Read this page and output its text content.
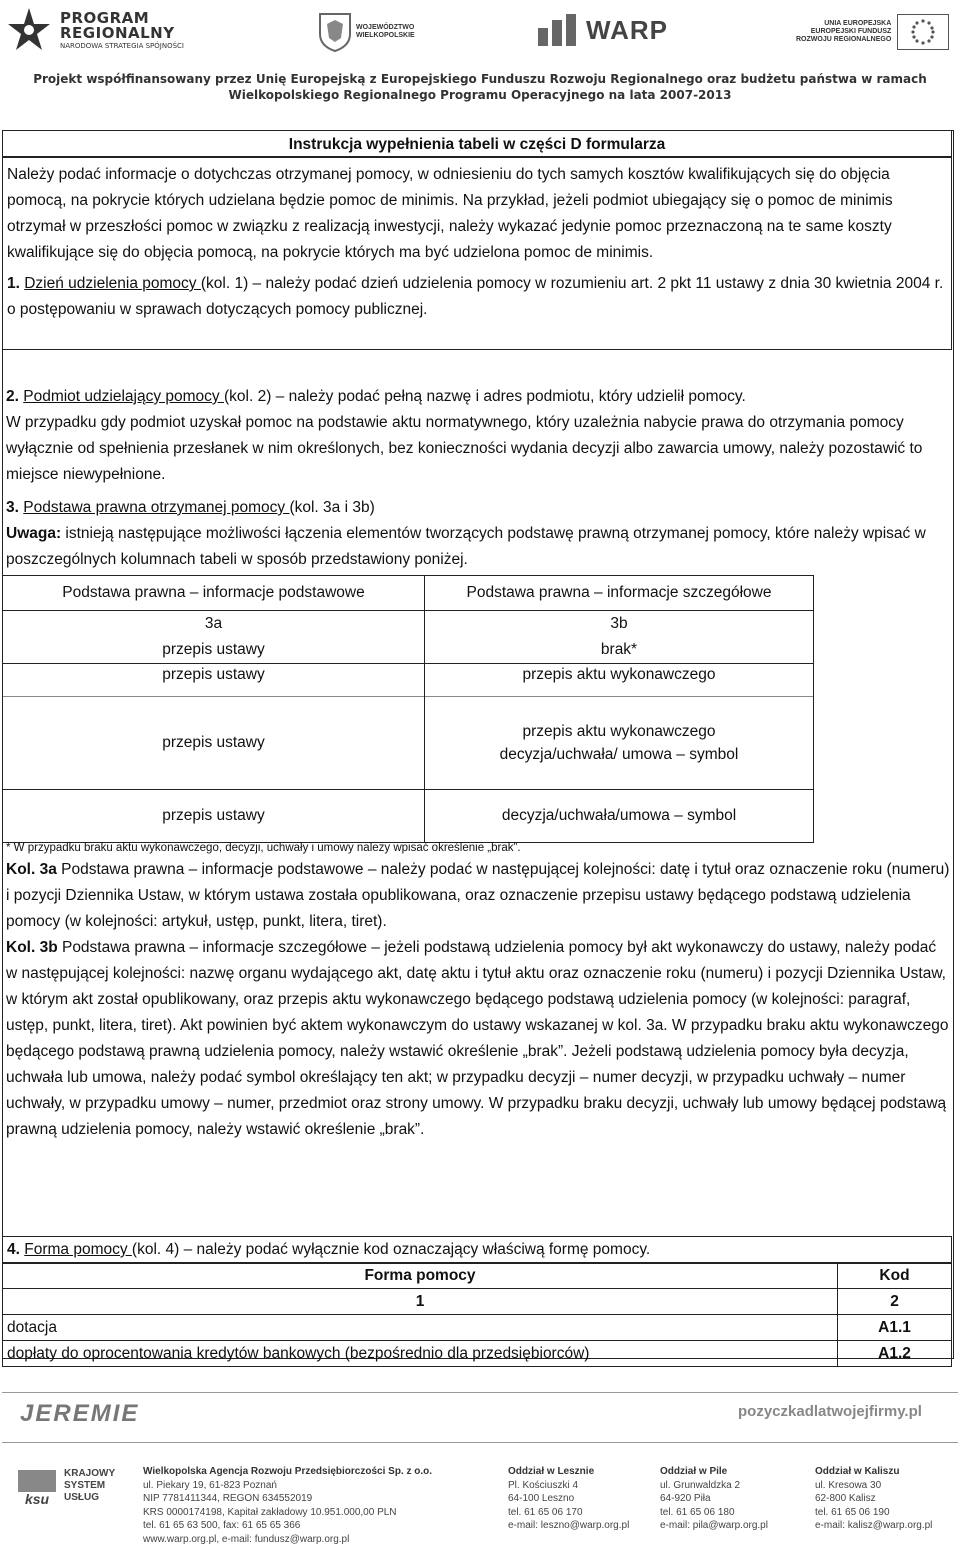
PROGRAM
REGIONALNY
NARODOWA STRATEGIA SPÓJNOŚCI
WOJEWÓDZTWO
WIELKOPOLSKIE	WARP	UNIA EUROPEJSKA
EUROPEJSKI FUNDUSZ
ROZWOJU REGIONALNEGO
Projekt współfinansowany przez Unię Europejską z Europejskiego Funduszu Rozwoju Regionalnego oraz budżetu państwa w ramach
Wielkopolskiego Regionalnego Programu Operacyjnego na lata 2007-2013
Instrukcja wypełnienia tabeli w części D formularza

Należy podać informacje o dotychczas otrzymanej pomocy, w odniesieniu do tych samych kosztów kwalifikujących się do objęcia pomocą, na pokrycie których udzielana będzie pomoc de minimis. Na przykład, jeżeli podmiot ubiegający się o pomoc de minimis otrzymał w przeszłości pomoc w związku z realizacją inwestycji, należy wykazać jedynie pomoc przeznaczoną na te same koszty kwalifikujące się do objęcia pomocą, na pokrycie których ma być udzielona pomoc de minimis.

1. Dzień udzielenia pomocy (kol. 1) – należy podać dzień udzielenia pomocy w rozumieniu art. 2 pkt 11 ustawy z dnia 30 kwietnia 2004 r. o postępowaniu w sprawach dotyczących pomocy publicznej.

2. Podmiot udzielający pomocy (kol. 2) – należy podać pełną nazwę i adres podmiotu, który udzielił pomocy.

W przypadku gdy podmiot uzyskał pomoc na podstawie aktu normatywnego, który uzależnia nabycie prawa do otrzymania pomocy wyłącznie od spełnienia przesłanek w nim określonych, bez konieczności wydania decyzji albo zawarcia umowy, należy pozostawić to miejsce niewypełnione.

3. Podstawa prawna otrzymanej pomocy (kol. 3a i 3b)

Uwaga: istnieją następujące możliwości łączenia elementów tworzących podstawę prawną otrzymanej pomocy, które należy wpisać w poszczególnych kolumnach tabeli w sposób przedstawiony poniżej.

Podstawa prawna – informacje podstawowe	Podstawa prawna – informacje szczegółowe
3a	3b
przepis ustawy	brak*
przepis ustawy	przepis aktu wykonawczego
przepis ustawy	przepis aktu wykonawczego
decyzja/uchwała/ umowa – symbol

przepis ustawy	decyzja/uchwała/umowa – symbol
* W przypadku braku aktu wykonawczego, decyzji, uchwały i umowy należy wpisać określenie „brak”.

Kol. 3a Podstawa prawna – informacje podstawowe – należy podać w następującej kolejności: datę i tytuł oraz oznaczenie roku (numeru) i pozycji Dziennika Ustaw, w którym ustawa została opublikowana, oraz oznaczenie przepisu ustawy będącego podstawą udzielenia pomocy (w kolejności: artykuł, ustęp, punkt, litera, tiret).

Kol. 3b Podstawa prawna – informacje szczegółowe – jeżeli podstawą udzielenia pomocy był akt wykonawczy do ustawy, należy podać w następującej kolejności: nazwę organu wydającego akt, datę aktu i tytuł aktu oraz oznaczenie roku (numeru) i pozycji Dziennika Ustaw, w którym akt został opublikowany, oraz przepis aktu wykonawczego będącego podstawą udzielenia pomocy (w kolejności: paragraf, ustęp, punkt, litera, tiret). Akt powinien być aktem wykonawczym do ustawy wskazanej w kol. 3a. W przypadku braku aktu wykonawczego będącego podstawą prawną udzielenia pomocy, należy wstawić określenie „brak”. Jeżeli podstawą udzielenia pomocy była decyzja, uchwała lub umowa, należy podać symbol określający ten akt; w przypadku decyzji – numer decyzji, w przypadku uchwały – numer uchwały, w przypadku umowy – numer, przedmiot oraz strony umowy. W przypadku braku decyzji, uchwały lub umowy będącej podstawą prawną udzielenia pomocy, należy wstawić określenie „brak”.

4. Forma pomocy (kol. 4) – należy podać wyłącznie kod oznaczający właściwą formę pomocy.

Forma pomocy	Kod
1	2
dotacja	A1.1
dopłaty do oprocentowania kredytów bankowych (bezpośrednio dla przedsiębiorców)	A1.2
JEREMIE	pozyczkadlatwojejfirmy.pl
ksu
KRAJOWY
SYSTEM
USŁUG
Wielkopolska Agencja Rozwoju Przedsiębiorczości Sp. z o.o.
ul. Piekary 19, 61-823 Poznań
NIP 7781411344, REGON 634552019
KRS 0000174198, Kapitał zakładowy 10.951.000,00 PLN
tel. 61 65 63 500, fax: 61 65 65 366
www.warp.org.pl, e-mail: fundusz@warp.org.pl
Oddział w Lesznie
Pl. Kościuszki 4
64-100 Leszno
tel. 61 65 06 170
e-mail: leszno@warp.org.pl
Oddział w Pile
ul. Grunwaldzka 2
64-920 Piła
tel. 61 65 06 180
e-mail: pila@warp.org.pl
Oddział w Kaliszu
ul. Kresowa 30
62-800 Kalisz
tel. 61 65 06 190
e-mail: kalisz@warp.org.pl
